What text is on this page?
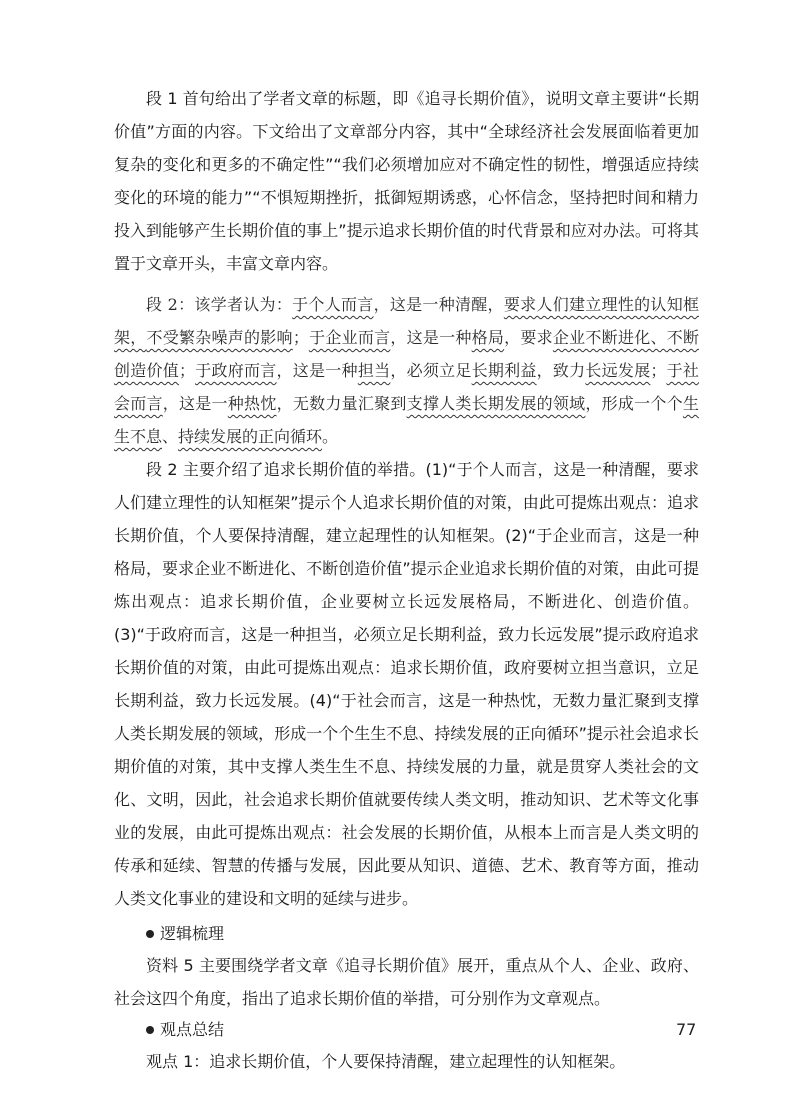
段 1 首句给出了学者文章的标题，即《追寻长期价值》，说明文章主要讲“长期价值”方面的内容。下文给出了文章部分内容，其中“全球经济社会发展面临着更加复杂的变化和更多的不确定性”“我们必须增加应对不确定性的韧性，增强适应持续变化的环境的能力”“不惧短期挫折，抵御短期诱惑，心怀信念，坚持把时间和精力投入到能够产生长期价值的事上”提示追求长期价值的时代背景和应对办法。可将其置于文章开头，丰富文章内容。

段 2：该学者认为：于个人而言，这是一种清醒，要求人们建立理性的认知框架，不受繁杂噪声的影响；于企业而言，这是一种格局，要求企业不断进化、不断创造价值；于政府而言，这是一种担当，必须立足长期利益，致力长远发展；于社会而言，这是一种热忱，无数力量汇聚到支撑人类长期发展的领域，形成一个个生生不息、持续发展的正向循环。

段 2 主要介绍了追求长期价值的举措。(1)“于个人而言，这是一种清醒，要求人们建立理性的认知框架”提示个人追求长期价值的对策，由此可提炼出观点：追求长期价值，个人要保持清醒，建立起理性的认知框架。(2)“于企业而言，这是一种格局，要求企业不断进化、不断创造价值”提示企业追求长期价值的对策，由此可提炼出观点：追求长期价值，企业要树立长远发展格局，不断进化、创造价值。(3)“于政府而言，这是一种担当，必须立足长期利益，致力长远发展”提示政府追求长期价值的对策，由此可提炼出观点：追求长期价值，政府要树立担当意识，立足长期利益，致力长远发展。(4)“于社会而言，这是一种热忱，无数力量汇聚到支撑人类长期发展的领域，形成一个个生生不息、持续发展的正向循环”提示社会追求长期价值的对策，其中支撑人类生生不息、持续发展的力量，就是贯穿人类社会的文化、文明，因此，社会追求长期价值就要传续人类文明，推动知识、艺术等文化事业的发展，由此可提炼出观点：社会发展的长期价值，从根本上而言是人类文明的传承和延续、智慧的传播与发展，因此要从知识、道德、艺术、教育等方面，推动人类文化事业的建设和文明的延续与进步。

逻辑梳理

资料 5 主要围绕学者文章《追寻长期价值》展开，重点从个人、企业、政府、社会这四个角度，指出了追求长期价值的举措，可分别作为文章观点。

观点总结

观点 1：追求长期价值，个人要保持清醒，建立起理性的认知框架。

77
